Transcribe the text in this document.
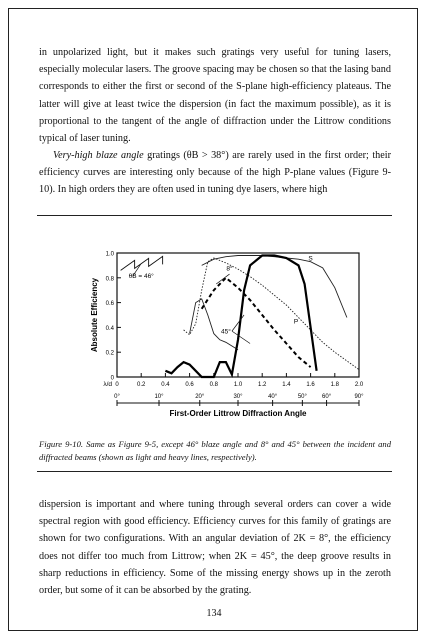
in unpolarized light, but it makes such gratings very useful for tuning lasers, especially molecular lasers. The groove spacing may be chosen so that the lasing band corresponds to either the first or second of the S-plane high-efficiency plateaus. The latter will give at least twice the dispersion (in fact the maximum possible), as it is proportional to the tangent of the angle of diffraction under the Littrow conditions typical of laser tuning.

Very-high blaze angle gratings (θB > 38°) are rarely used in the first order; their efficiency curves are interesting only because of the high P-plane values (Figure 9-10). In high orders they are often used in tuning dye lasers, where high

0
0.2
0.4
0.6
0.8
1.0
0	0.2	0.4	0.6	0.8	1.0	1.2	1.4	1.6	1.8	2.0
λ/d
0°	10°	20°	30°	40°	50°	60°	90°
First-Order Littrow Diffraction Angle
Absolute Efficiency
θB = 46°
8°
S
P
45°

Figure 9-10. Same as Figure 9-5, except 46° blaze angle and 8° and 45° between the incident and diffracted beams (shown as light and heavy lines, respectively).

dispersion is important and where tuning through several orders can cover a wide spectral region with good efficiency. Efficiency curves for this family of gratings are shown for two configurations. With an angular deviation of 2K = 8°, the efficiency does not differ too much from Littrow; when 2K = 45°, the deep groove results in sharp reductions in efficiency. Some of the missing energy shows up in the zeroth order, but some of it can be absorbed by the grating.

134
